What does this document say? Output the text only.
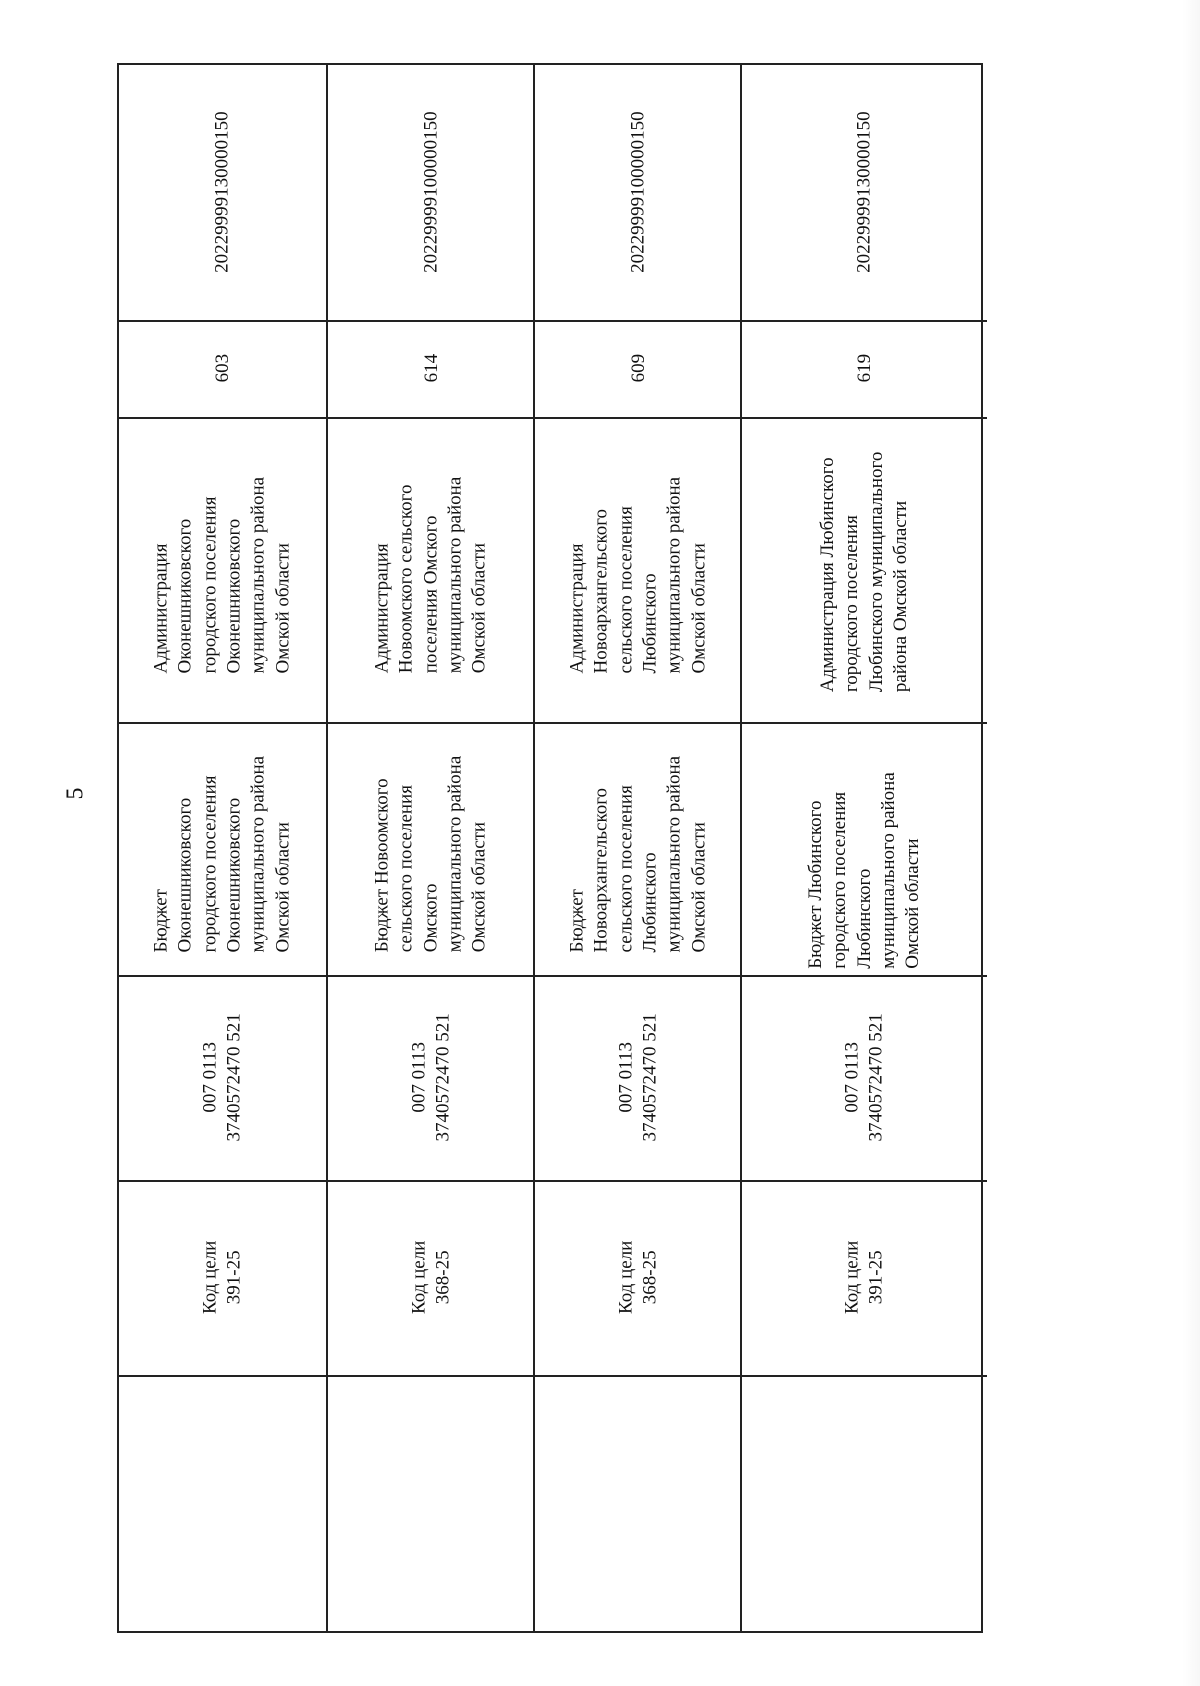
5
20229999130000150
603
Администрация Оконешниковского городского поселения Оконешниковского муниципального района Омской области
Бюджет Оконешниковского городского поселения Оконешниковского муниципального района Омской области
007 0113 3740572470 521
Код цели 391-25
20229999100000150
614
Администрация Новоомского сельского поселения Омского муниципального района Омской области
Бюджет Новоомского сельского поселения Омского муниципального района Омской области
007 0113 3740572470 521
Код цели 368-25
20229999100000150
609
Администрация Новоархангельского сельского поселения Любинского муниципального района Омской области
Бюджет Новоархангельского сельского поселения Любинского муниципального района Омской области
007 0113 3740572470 521
Код цели 368-25
20229999130000150
619
Администрация Любинского городского поселения Любинского муниципального района Омской области
Бюджет Любинского городского поселения Любинского муниципального района Омской области
007 0113 3740572470 521
Код цели 391-25
